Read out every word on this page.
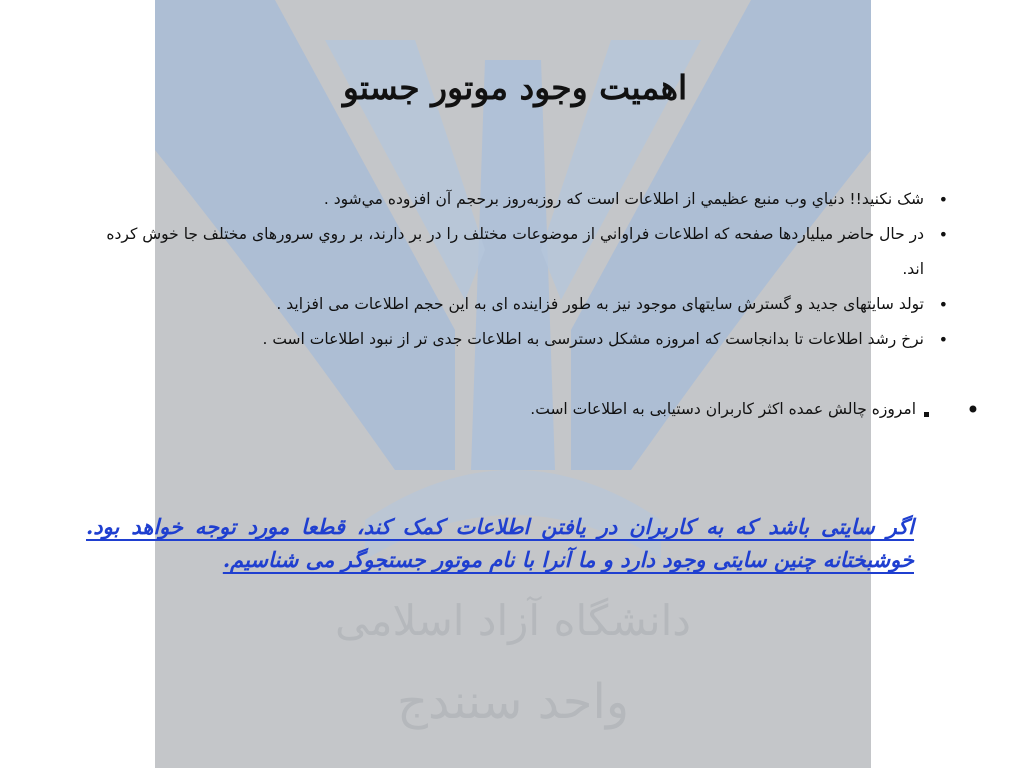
دانشگاه آزاد اسلامی
واحد سنندج
اهمیت وجود موتور جستو
•
شک نکنيد!! دنياي وب منبع عظيمي از اطلاعات است که روزبه‌روز برحجم آن افزوده مي‌شود .
•
در حال حاضر ميلياردها صفحه که اطلاعات فراواني از موضوعات مختلف را در بر دارند، بر روي سرورهای مختلف جا خوش کرده اند.
•
تولد سایتهای جدید و گسترش سایتهای موجود نیز به طور فزاینده ای به این حجم اطلاعات می افزاید .
•
نرخ رشد اطلاعات تا بدانجاست که امروزه مشکل دسترسی به اطلاعات جدی تر از نبود اطلاعات است .
•
امروزه چالش عمده اکثر کاربران دستیابی به اطلاعات است.

اگر سایتی باشد که به کاربران در یافتن اطلاعات کمک کند، قطعا مورد توجه خواهد بود. خوشبختانه چنین سایتی وجود دارد و ما آنرا با نام موتور جستجوگر می شناسیم.
